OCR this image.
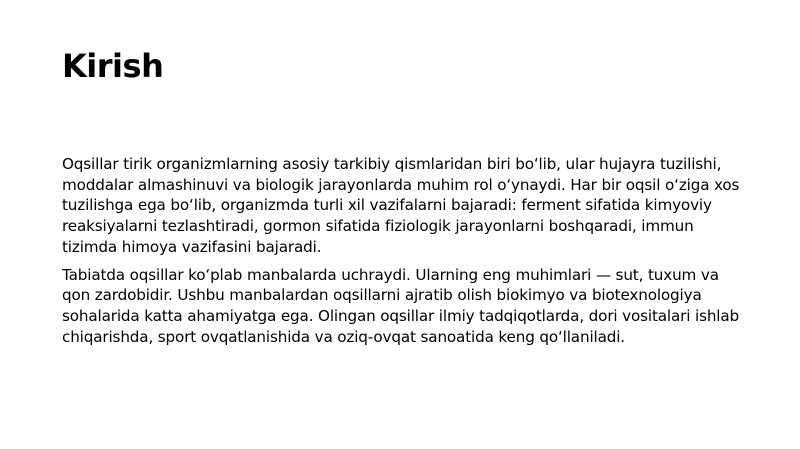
Kirish

Oqsillar tirik organizmlarning asosiy tarkibiy qismlaridan biri boʻlib, ular hujayra tuzilishi, moddalar almashinuvi va biologik jarayonlarda muhim rol oʻynaydi. Har bir oqsil oʻziga xos tuzilishga ega boʻlib, organizmda turli xil vazifalarni bajaradi: ferment sifatida kimyoviy reaksiyalarni tezlashtiradi, gormon sifatida fiziologik jarayonlarni boshqaradi, immun tizimda himoya vazifasini bajaradi.

Tabiatda oqsillar koʻplab manbalarda uchraydi. Ularning eng muhimlari — sut, tuxum va qon zardobidir. Ushbu manbalardan oqsillarni ajratib olish biokimyo va biotexnologiya sohalarida katta ahamiyatga ega. Olingan oqsillar ilmiy tadqiqotlarda, dori vositalari ishlab chiqarishda, sport ovqatlanishida va oziq-ovqat sanoatida keng qoʻllaniladi.
